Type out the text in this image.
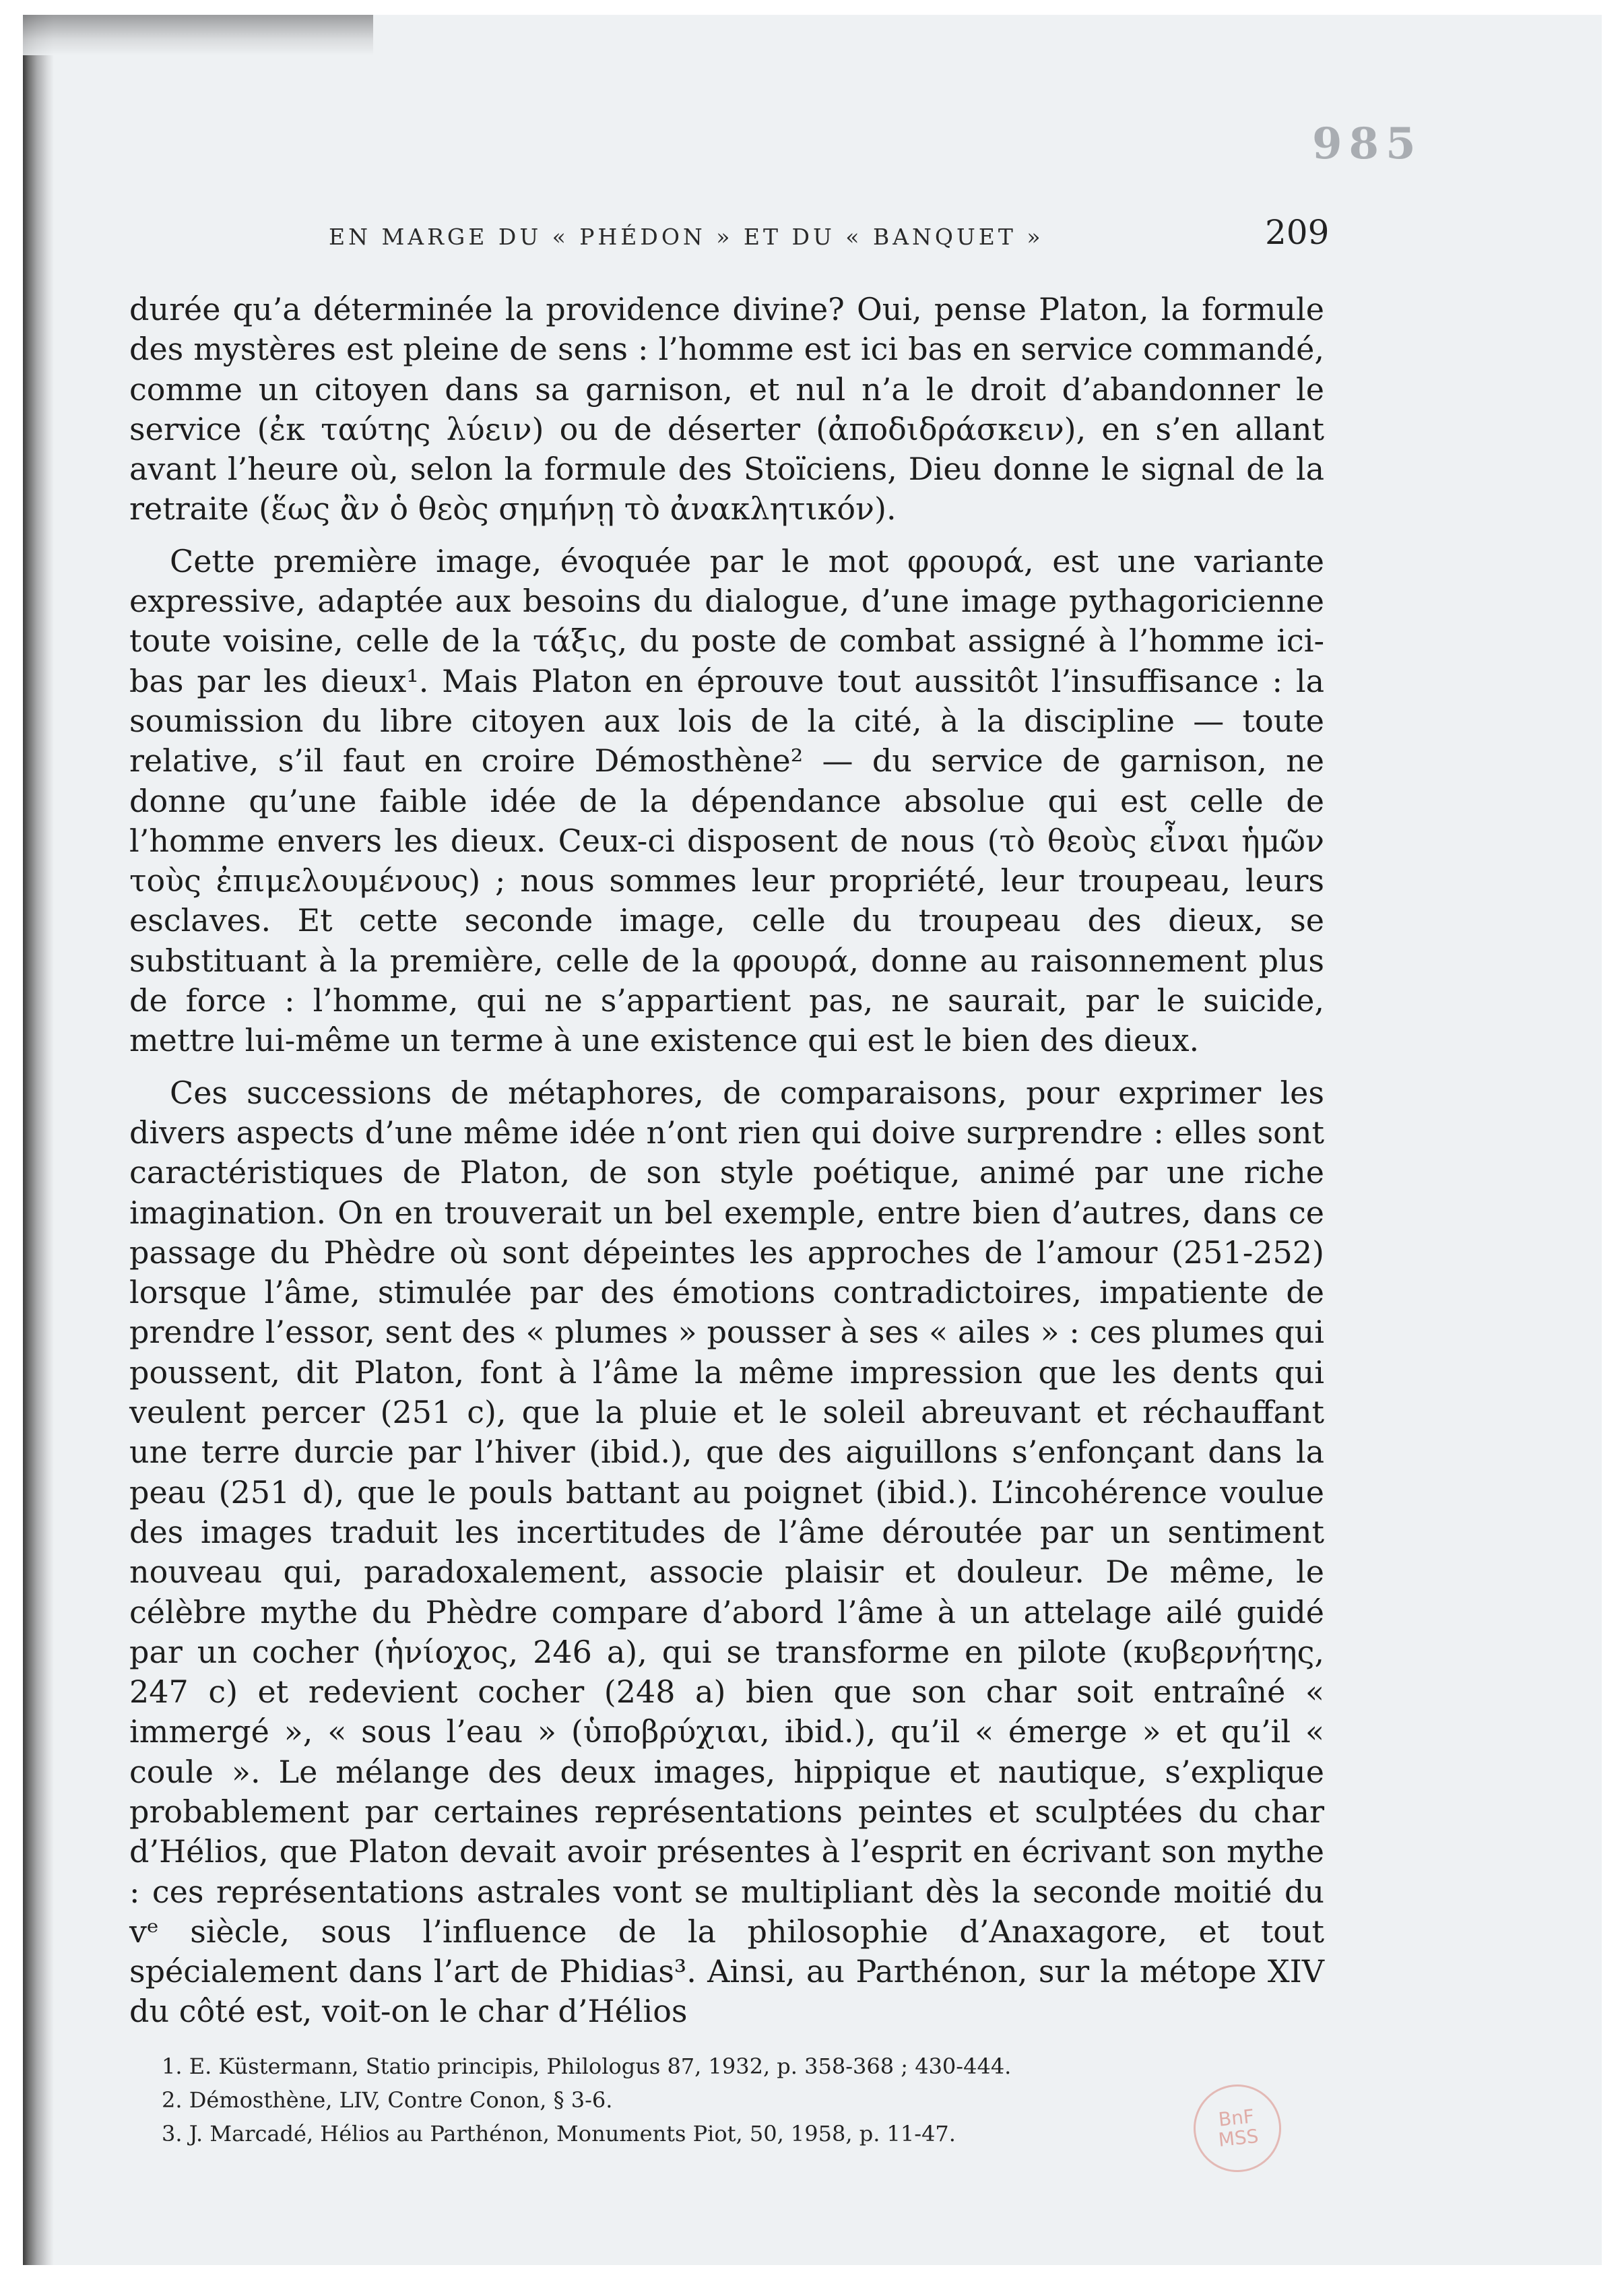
985
EN MARGE DU « PHÉDON » ET DU « BANQUET »	209

durée qu’a déterminée la providence divine? Oui, pense Platon, la formule des mystères est pleine de sens : l’homme est ici bas en service commandé, comme un citoyen dans sa garnison, et nul n’a le droit d’abandonner le service (ἐκ ταύτης λύειν) ou de déserter (ἀποδιδράσκειν), en s’en allant avant l’heure où, selon la formule des Stoïciens, Dieu donne le signal de la retraite (ἕως ἂν ὁ θεὸς σημήνῃ τὸ ἀνακλητικόν).

Cette première image, évoquée par le mot φρουρά, est une variante expressive, adaptée aux besoins du dialogue, d’une image pythagoricienne toute voisine, celle de la τάξις, du poste de combat assigné à l’homme ici-bas par les dieux¹. Mais Platon en éprouve tout aussitôt l’insuffisance : la soumission du libre citoyen aux lois de la cité, à la discipline — toute relative, s’il faut en croire Démosthène² — du service de garnison, ne donne qu’une faible idée de la dépendance absolue qui est celle de l’homme envers les dieux. Ceux-ci disposent de nous (τὸ θεοὺς εἶναι ἡμῶν τοὺς ἐπιμελουμένους) ; nous sommes leur propriété, leur troupeau, leurs esclaves. Et cette seconde image, celle du troupeau des dieux, se substituant à la première, celle de la φρουρά, donne au raisonnement plus de force : l’homme, qui ne s’appartient pas, ne saurait, par le suicide, mettre lui-même un terme à une existence qui est le bien des dieux.

Ces successions de métaphores, de comparaisons, pour exprimer les divers aspects d’une même idée n’ont rien qui doive surprendre : elles sont caractéristiques de Platon, de son style poétique, animé par une riche imagination. On en trouverait un bel exemple, entre bien d’autres, dans ce passage du Phèdre où sont dépeintes les approches de l’amour (251-252) lorsque l’âme, stimulée par des émotions contradictoires, impatiente de prendre l’essor, sent des « plumes » pousser à ses « ailes » : ces plumes qui poussent, dit Platon, font à l’âme la même impression que les dents qui veulent percer (251 c), que la pluie et le soleil abreuvant et réchauffant une terre durcie par l’hiver (ibid.), que des aiguillons s’enfonçant dans la peau (251 d), que le pouls battant au poignet (ibid.). L’incohérence voulue des images traduit les incertitudes de l’âme déroutée par un sentiment nouveau qui, paradoxalement, associe plaisir et douleur. De même, le célèbre mythe du Phèdre compare d’abord l’âme à un attelage ailé guidé par un cocher (ἡνίοχος, 246 a), qui se transforme en pilote (κυβερνήτης, 247 c) et redevient cocher (248 a) bien que son char soit entraîné « immergé », « sous l’eau » (ὑποβρύχιαι, ibid.), qu’il « émerge » et qu’il « coule ». Le mélange des deux images, hippique et nautique, s’explique probablement par certaines représentations peintes et sculptées du char d’Hélios, que Platon devait avoir présentes à l’esprit en écrivant son mythe : ces représentations astrales vont se multipliant dès la seconde moitié du vᵉ siècle, sous l’influence de la philosophie d’Anaxagore, et tout spécialement dans l’art de Phidias³. Ainsi, au Parthénon, sur la métope XIV du côté est, voit-on le char d’Hélios

1. E. Küstermann, Statio principis, Philologus 87, 1932, p. 358-368 ; 430-444.
2. Démosthène, LIV, Contre Conon, § 3-6.
3. J. Marcadé, Hélios au Parthénon, Monuments Piot, 50, 1958, p. 11-47.
BnF
MSS
